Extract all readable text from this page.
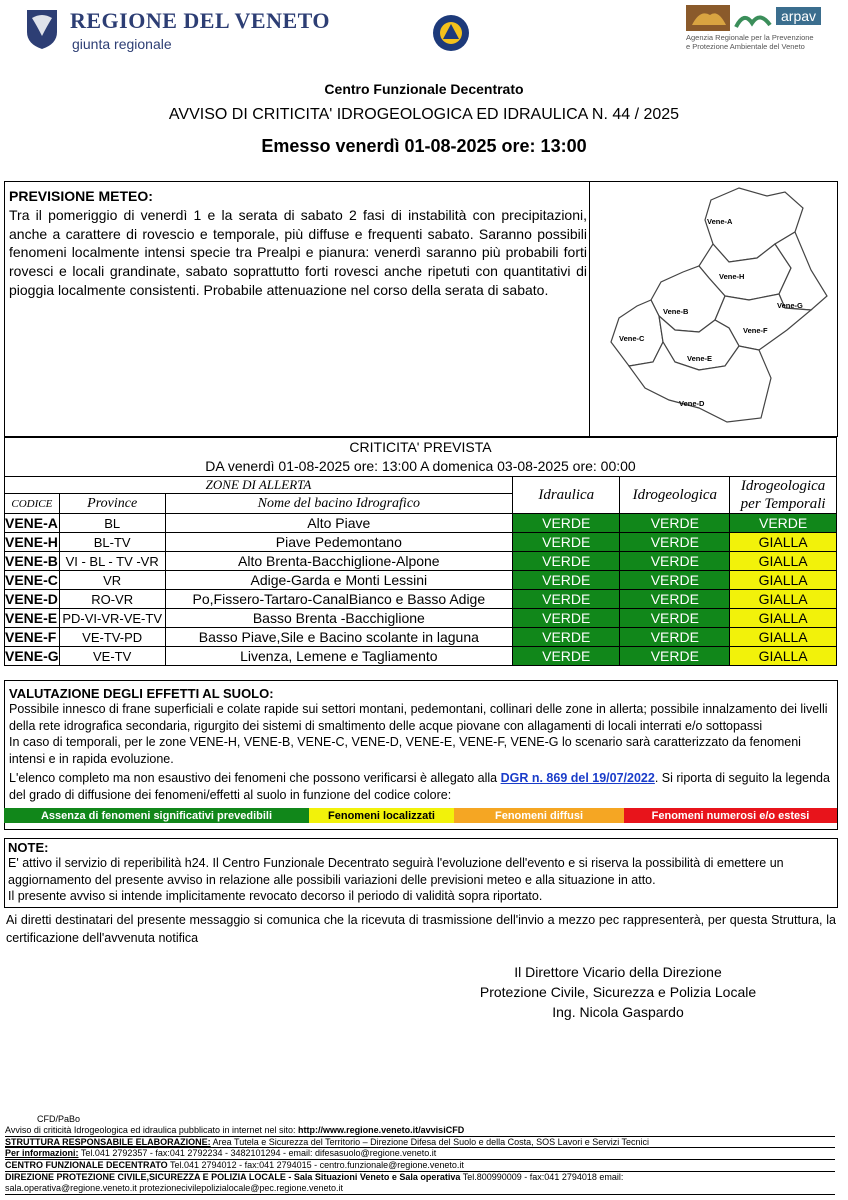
REGIONE DEL VENETO
giunta regionale
arpav
Agenzia Regionale per la Prevenzione
e Protezione Ambientale del Veneto
Centro Funzionale Decentrato
AVVISO DI CRITICITA' IDROGEOLOGICA ED IDRAULICA N. 44 / 2025
Emesso venerdì 01-08-2025 ore: 13:00
PREVISIONE METEO:
Tra il pomeriggio di venerdì 1 e la serata di sabato 2 fasi di instabilità con precipitazioni, anche a carattere di rovescio e temporale, più diffuse e frequenti sabato. Saranno possibili fenomeni localmente intensi specie tra Prealpi e pianura: venerdì saranno più probabili forti rovesci e locali grandinate, sabato soprattutto forti rovesci anche ripetuti con quantitativi di pioggia localmente consistenti. Probabile attenuazione nel corso della serata di sabato.
Vene-A
Vene-H
Vene-G
Vene-B
Vene-F
Vene-C
Vene-E
Vene-D
CRITICITA' PREVISTA
DA venerdì 01-08-2025 ore: 13:00 A domenica 03-08-2025 ore: 00:00					

ZONE DI ALLERTA			Idraulica	Idrogeologica	Idrogeologica
per Temporali

CODICE	Province	Nome del bacino Idrografico			
VENE-A	BL	Alto Piave	VERDE	VERDE	VERDE
VENE-H	BL-TV	Piave Pedemontano	VERDE	VERDE	GIALLA
VENE-B	VI - BL - TV -VR	Alto Brenta-Bacchiglione-Alpone	VERDE	VERDE	GIALLA
VENE-C	VR	Adige-Garda e Monti Lessini	VERDE	VERDE	GIALLA
VENE-D	RO-VR	Po,Fissero-Tartaro-CanalBianco e Basso Adige	VERDE	VERDE	GIALLA
VENE-E	PD-VI-VR-VE-TV	Basso Brenta -Bacchiglione	VERDE	VERDE	GIALLA
VENE-F	VE-TV-PD	Basso Piave,Sile e Bacino scolante in laguna	VERDE	VERDE	GIALLA
VENE-G	VE-TV	Livenza, Lemene e Tagliamento	VERDE	VERDE	GIALLA
VALUTAZIONE DEGLI EFFETTI AL SUOLO:

Possibile innesco di frane superficiali e colate rapide sui settori montani, pedemontani, collinari delle zone in allerta; possibile innalzamento dei livelli della rete idrografica secondaria, rigurgito dei sistemi di smaltimento delle acque piovane con allagamenti di locali interrati e/o sottopassi

In caso di temporali, per le zone VENE-H, VENE-B, VENE-C, VENE-D, VENE-E, VENE-F, VENE-G lo scenario sarà caratterizzato da fenomeni intensi e in rapida evoluzione.

L'elenco completo ma non esaustivo dei fenomeni che possono verificarsi è allegato alla DGR n. 869 del 19/07/2022. Si riporta di seguito la legenda del grado di diffusione dei fenomeni/effetti al suolo in funzione del codice colore:

Assenza di fenomeni significativi prevedibili	Fenomeni localizzati	Fenomeni diffusi	Fenomeni numerosi e/o estesi
NOTE:

E' attivo il servizio di reperibilità h24. Il Centro Funzionale Decentrato seguirà l'evoluzione dell'evento e si riserva la possibilità di emettere un aggiornamento del presente avviso in relazione alle possibili variazioni delle previsioni meteo e alla situazione in atto.

Il presente avviso si intende implicitamente revocato decorso il periodo di validità sopra riportato.

Ai diretti destinatari del presente messaggio si comunica che la ricevuta di trasmissione dell'invio a mezzo pec rappresenterà, per questa Struttura, la certificazione dell'avvenuta notifica
Il Direttore Vicario della Direzione
Protezione Civile, Sicurezza e Polizia Locale
Ing. Nicola Gaspardo
CFD/PaBo
Avviso di criticità Idrogeologica ed idraulica pubblicato in internet nel sito: http://www.regione.veneto.it/avvisiCFD
STRUTTURA RESPONSABILE ELABORAZIONE: Area Tutela e Sicurezza del Territorio – Direzione Difesa del Suolo e della Costa, SOS Lavori e Servizi Tecnici
Per informazioni: Tel.041 2792357 - fax:041 2792234 - 3482101294 - email: difesasuolo@regione.veneto.it
CENTRO FUNZIONALE DECENTRATO Tel.041 2794012 - fax:041 2794015 - centro.funzionale@regione.veneto.it
DIREZIONE PROTEZIONE CIVILE,SICUREZZA E POLIZIA LOCALE - Sala Situazioni Veneto e Sala operativa Tel.800990009 - fax:041 2794018 email:
sala.operativa@regione.veneto.it protezionecivilepolizialocale@pec.regione.veneto.it
